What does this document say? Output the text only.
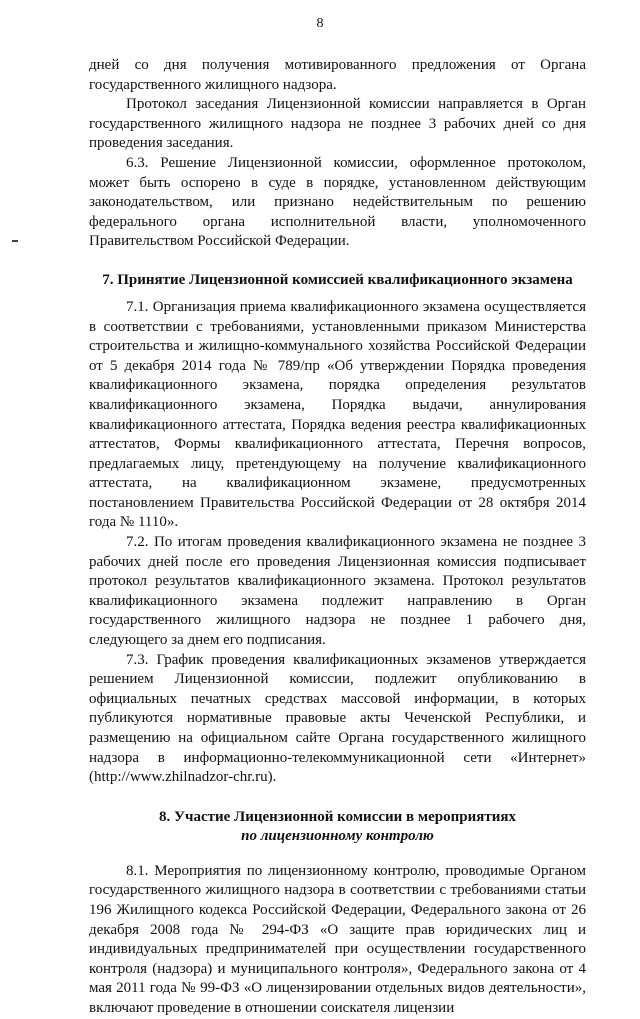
8

дней со дня получения мотивированного предложения от Органа государственного жилищного надзора.

Протокол заседания Лицензионной комиссии направляется в Орган государственного жилищного надзора не позднее 3 рабочих дней со дня проведения заседания.

6.3. Решение Лицензионной комиссии, оформленное протоколом, может быть оспорено в суде в порядке, установленном действующим законодательством, или признано недействительным по решению федерального органа исполнительной власти, уполномоченного Правительством Российской Федерации.

7. Принятие Лицензионной комиссией квалификационного экзамена

7.1. Организация приема квалификационного экзамена осуществляется в соответствии с требованиями, установленными приказом Министерства строительства и жилищно-коммунального хозяйства Российской Федерации от 5 декабря 2014 года № 789/пр «Об утверждении Порядка проведения квалификационного экзамена, порядка определения результатов квалификационного экзамена, Порядка выдачи, аннулирования квалификационного аттестата, Порядка ведения реестра квалификационных аттестатов, Формы квалификационного аттестата, Перечня вопросов, предлагаемых лицу, претендующему на получение квалификационного аттестата, на квалификационном экзамене, предусмотренных постановлением Правительства Российской Федерации от 28 октября 2014 года № 1110».

7.2. По итогам проведения квалификационного экзамена не позднее 3 рабочих дней после его проведения Лицензионная комиссия подписывает протокол результатов квалификационного экзамена. Протокол результатов квалификационного экзамена подлежит направлению в Орган государственного жилищного надзора не позднее 1 рабочего дня, следующего за днем его подписания.

7.3. График проведения квалификационных экзаменов утверждается решением Лицензионной комиссии, подлежит опубликованию в официальных печатных средствах массовой информации, в которых публикуются нормативные правовые акты Чеченской Республики, и размещению на официальном сайте Органа государственного жилищного надзора в информационно-телекоммуникационной сети «Интернет» (http://www.zhilnadzor-chr.ru).

8. Участие Лицензионной комиссии в мероприятиях
по лицензионному контролю

8.1. Мероприятия по лицензионному контролю, проводимые Органом государственного жилищного надзора в соответствии с требованиями статьи 196 Жилищного кодекса Российской Федерации, Федерального закона от 26 декабря 2008 года № 294-ФЗ «О защите прав юридических лиц и индивидуальных предпринимателей при осуществлении государственного контроля (надзора) и муниципального контроля», Федерального закона от 4 мая 2011 года № 99-ФЗ «О лицензировании отдельных видов деятельности», включают проведение в отношении соискателя лицензии
